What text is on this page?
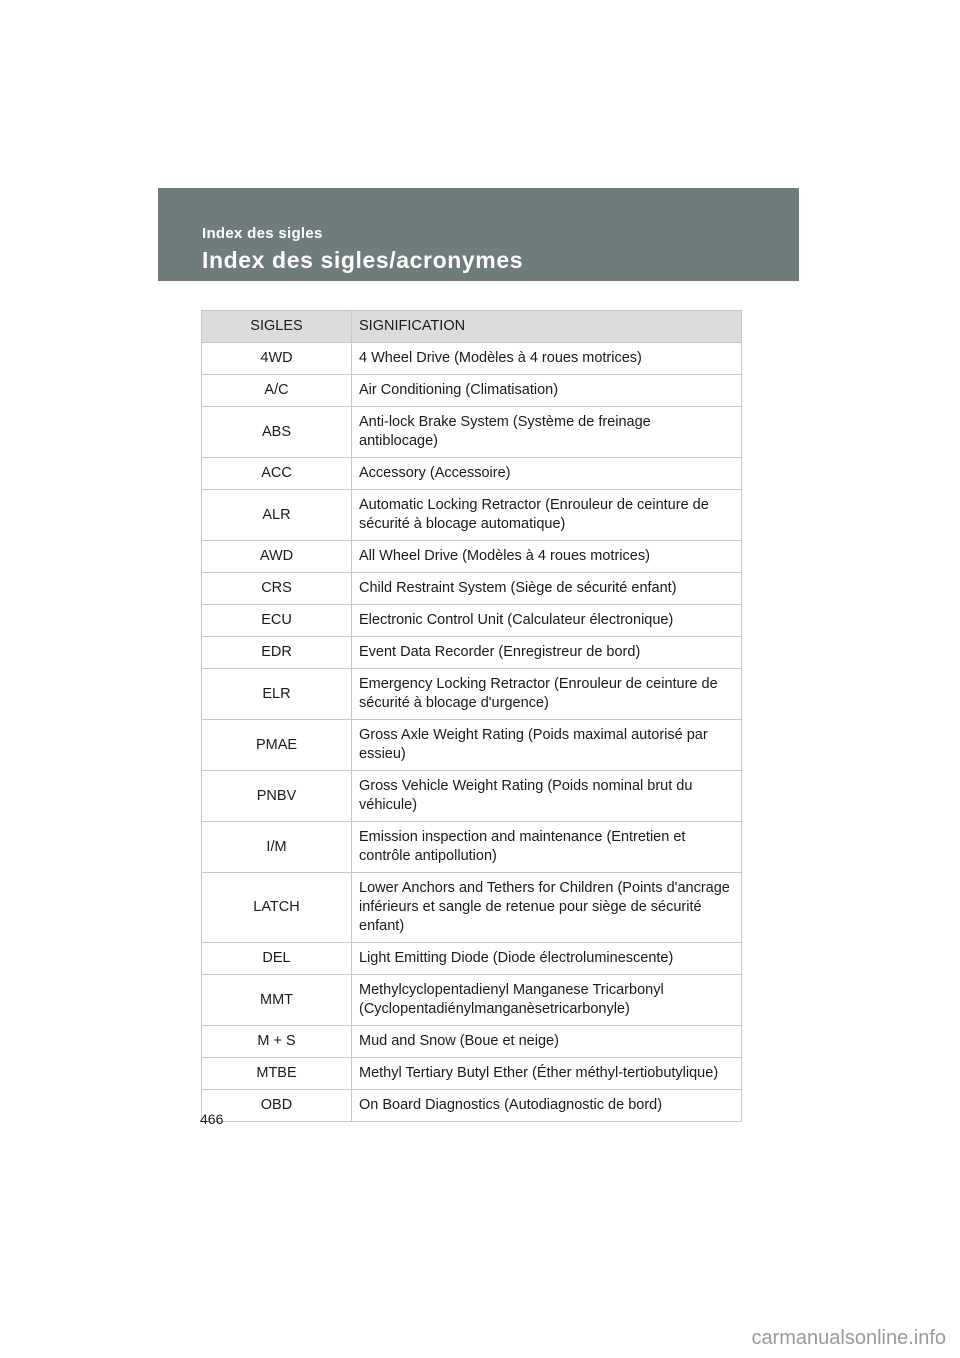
Index des sigles
Index des sigles/acronymes
SIGLES	SIGNIFICATION
4WD	4 Wheel Drive (Modèles à 4 roues motrices)
A/C	Air Conditioning (Climatisation)
ABS	Anti-lock Brake System (Système de freinage antiblocage)
ACC	Accessory (Accessoire)
ALR	Automatic Locking Retractor (Enrouleur de ceinture de sécurité à blocage automatique)
AWD	All Wheel Drive (Modèles à 4 roues motrices)
CRS	Child Restraint System (Siège de sécurité enfant)
ECU	Electronic Control Unit (Calculateur électronique)
EDR	Event Data Recorder (Enregistreur de bord)
ELR	Emergency Locking Retractor (Enrouleur de ceinture de sécurité à blocage d'urgence)
PMAE	Gross Axle Weight Rating (Poids maximal autorisé par essieu)
PNBV	Gross Vehicle Weight Rating (Poids nominal brut du véhicule)
I/M	Emission inspection and maintenance (Entretien et contrôle antipollution)
LATCH	Lower Anchors and Tethers for Children (Points d'ancrage inférieurs et sangle de retenue pour siège de sécurité enfant)
DEL	Light Emitting Diode (Diode électroluminescente)
MMT	Methylcyclopentadienyl Manganese Tricarbonyl (Cyclopentadiénylmanganèsetricarbonyle)
M + S	Mud and Snow (Boue et neige)
MTBE	Methyl Tertiary Butyl Ether (Éther méthyl-tertiobutylique)
OBD	On Board Diagnostics (Autodiagnostic de bord)
466
carmanualsonline.info
